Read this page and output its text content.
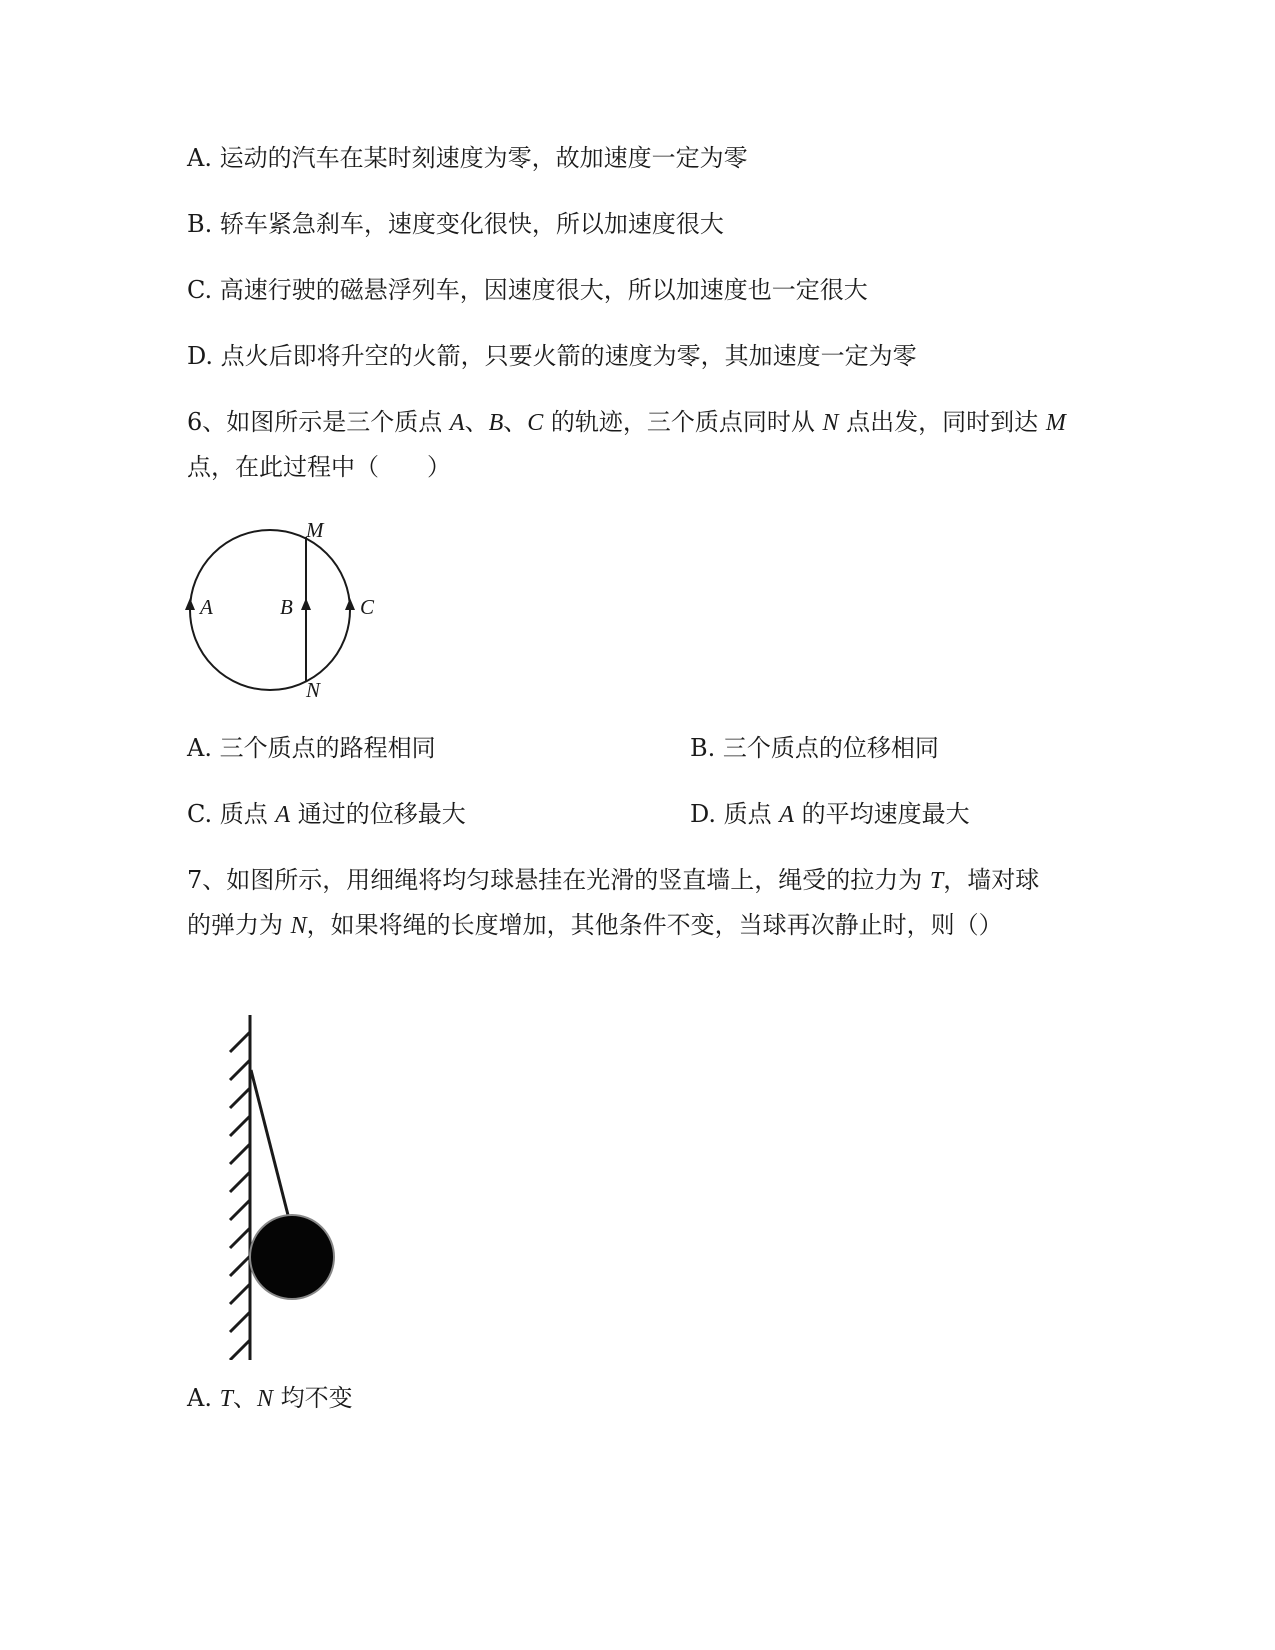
A. 运动的汽车在某时刻速度为零，故加速度一定为零
B. 轿车紧急刹车，速度变化很快，所以加速度很大
C. 高速行驶的磁悬浮列车，因速度很大，所以加速度也一定很大
D. 点火后即将升空的火箭，只要火箭的速度为零，其加速度一定为零
6、如图所示是三个质点 A、B、C 的轨迹，三个质点同时从 N 点出发，同时到达 M
点，在此过程中（　　）
M
N
A	B	C
A. 三个质点的路程相同	B. 三个质点的位移相同
C. 质点 A 通过的位移最大	D. 质点 A 的平均速度最大
7、如图所示，用细绳将均匀球悬挂在光滑的竖直墙上，绳受的拉力为 T，墙对球
的弹力为 N，如果将绳的长度增加，其他条件不变，当球再次静止时，则（）
A. T、N 均不变
